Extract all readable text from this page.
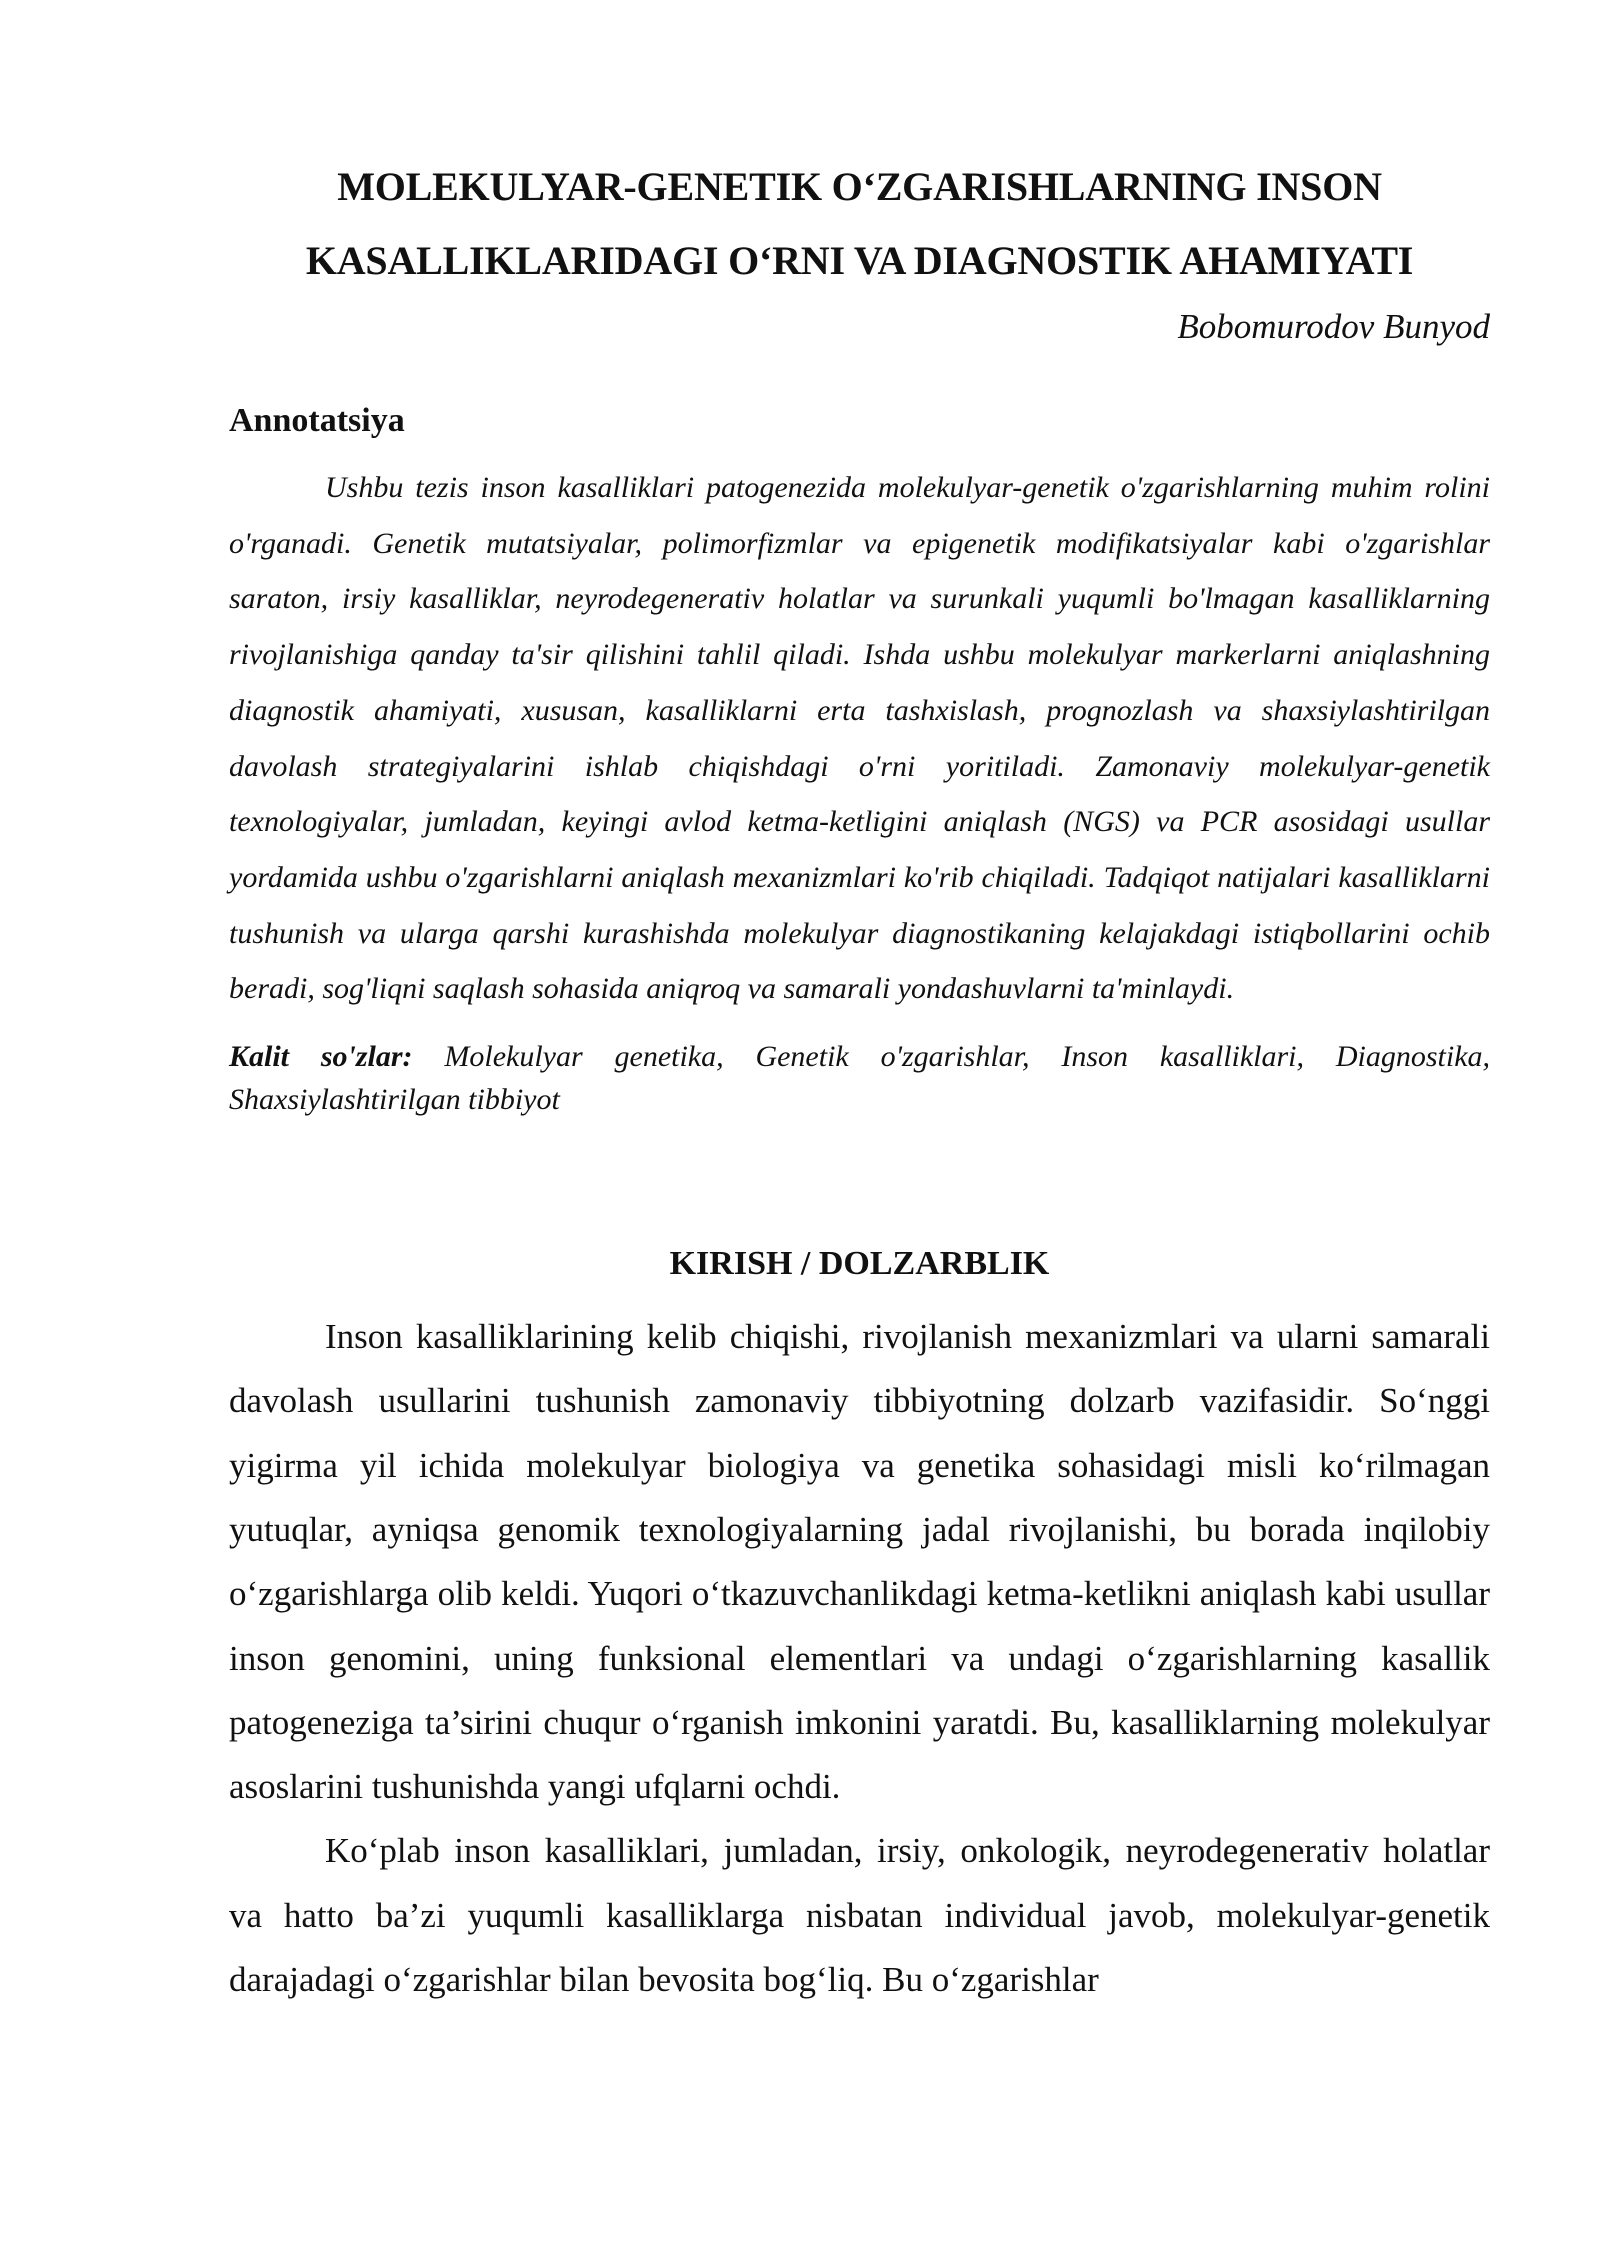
MOLEKULYAR-GENETIK O‘ZGARISHLARNING INSON
KASALLIKLARIDAGI O‘RNI VA DIAGNOSTIK AHAMIYATI

Bobomurodov Bunyod

Annotatsiya

Ushbu tezis inson kasalliklari patogenezida molekulyar-genetik o'zgarishlarning muhim rolini o'rganadi. Genetik mutatsiyalar, polimorfizmlar va epigenetik modifikatsiyalar kabi o'zgarishlar saraton, irsiy kasalliklar, neyrodegenerativ holatlar va surunkali yuqumli bo'lmagan kasalliklarning rivojlanishiga qanday ta'sir qilishini tahlil qiladi. Ishda ushbu molekulyar markerlarni aniqlashning diagnostik ahamiyati, xususan, kasalliklarni erta tashxislash, prognozlash va shaxsiylashtirilgan davolash strategiyalarini ishlab chiqishdagi o'rni yoritiladi. Zamonaviy molekulyar-genetik texnologiyalar, jumladan, keyingi avlod ketma-ketligini aniqlash (NGS) va PCR asosidagi usullar yordamida ushbu o'zgarishlarni aniqlash mexanizmlari ko'rib chiqiladi. Tadqiqot natijalari kasalliklarni tushunish va ularga qarshi kurashishda molekulyar diagnostikaning kelajakdagi istiqbollarini ochib beradi, sog'liqni saqlash sohasida aniqroq va samarali yondashuvlarni ta'minlaydi.

Kalit so'zlar: Molekulyar genetika, Genetik o'zgarishlar, Inson kasalliklari, Diagnostika, Shaxsiylashtirilgan tibbiyot

KIRISH / DOLZARBLIK

Inson kasalliklarining kelib chiqishi, rivojlanish mexanizmlari va ularni samarali davolash usullarini tushunish zamonaviy tibbiyotning dolzarb vazifasidir. So‘nggi yigirma yil ichida molekulyar biologiya va genetika sohasidagi misli ko‘rilmagan yutuqlar, ayniqsa genomik texnologiyalarning jadal rivojlanishi, bu borada inqilobiy o‘zgarishlarga olib keldi. Yuqori o‘tkazuvchanlikdagi ketma-ketlikni aniqlash kabi usullar inson genomini, uning funksional elementlari va undagi o‘zgarishlarning kasallik patogeneziga ta’sirini chuqur o‘rganish imkonini yaratdi. Bu, kasalliklarning molekulyar asoslarini tushunishda yangi ufqlarni ochdi.

Ko‘plab inson kasalliklari, jumladan, irsiy, onkologik, neyrodegenerativ holatlar va hatto ba’zi yuqumli kasalliklarga nisbatan individual javob, molekulyar-genetik darajadagi o‘zgarishlar bilan bevosita bog‘liq. Bu o‘zgarishlar
